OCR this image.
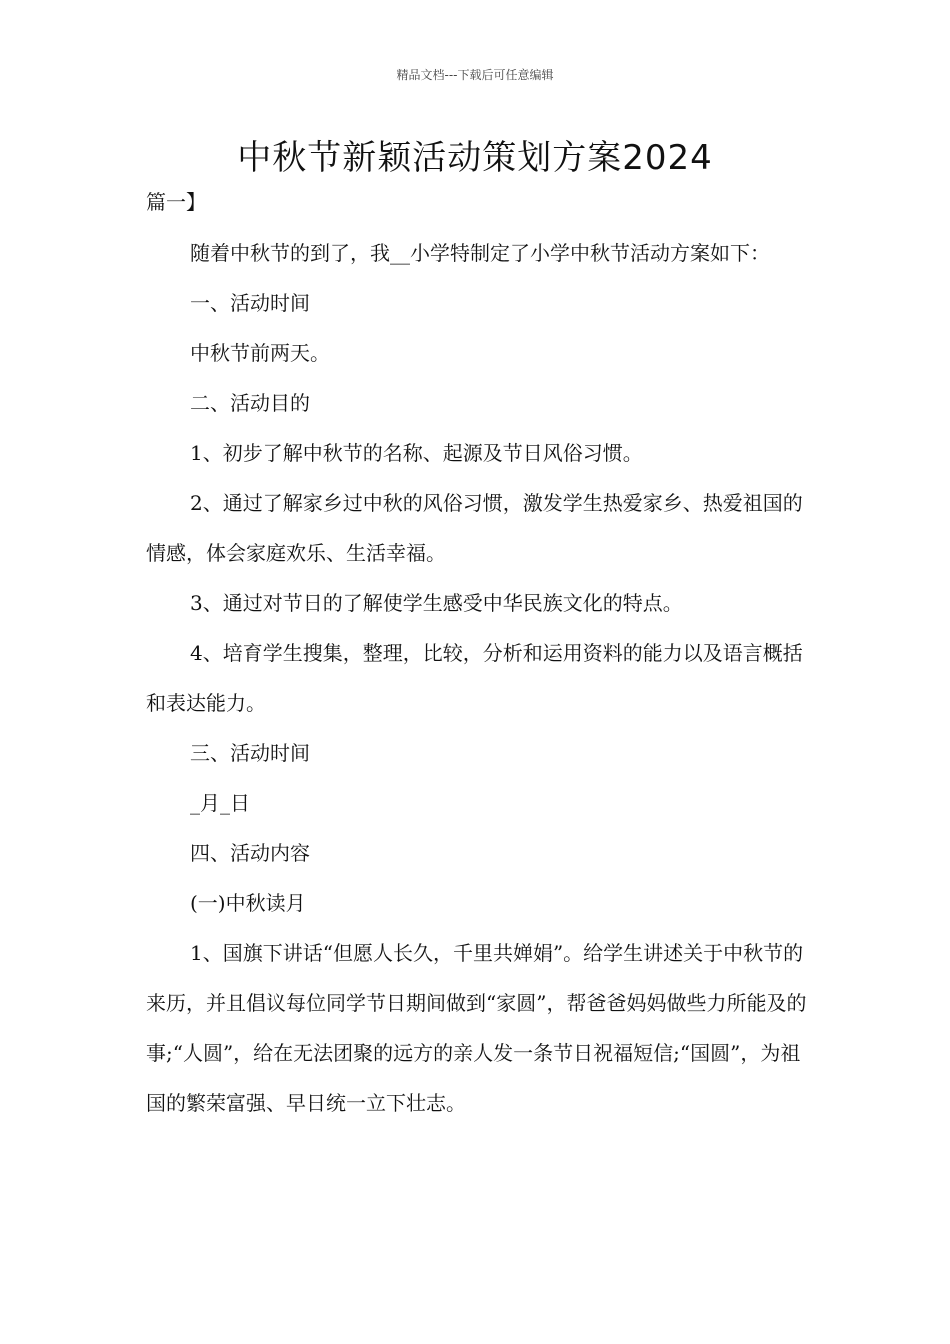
精品文档---下载后可任意编辑
中秋节新颖活动策划方案2024
篇一】

随着中秋节的到了，我__小学特制定了小学中秋节活动方案如下：

一、活动时间

中秋节前两天。

二、活动目的

1、初步了解中秋节的名称、起源及节日风俗习惯。

2、通过了解家乡过中秋的风俗习惯，激发学生热爱家乡、热爱祖国的情感，体会家庭欢乐、生活幸福。

3、通过对节日的了解使学生感受中华民族文化的特点。

4、培育学生搜集，整理，比较，分析和运用资料的能力以及语言概括和表达能力。

三、活动时间

_月_日

四、活动内容

(一)中秋读月

1、国旗下讲话“但愿人长久，千里共婵娟”。给学生讲述关于中秋节的来历，并且倡议每位同学节日期间做到“家圆”，帮爸爸妈妈做些力所能及的事;“人圆”，给在无法团聚的远方的亲人发一条节日祝福短信;“国圆”，为祖国的繁荣富强、早日统一立下壮志。
